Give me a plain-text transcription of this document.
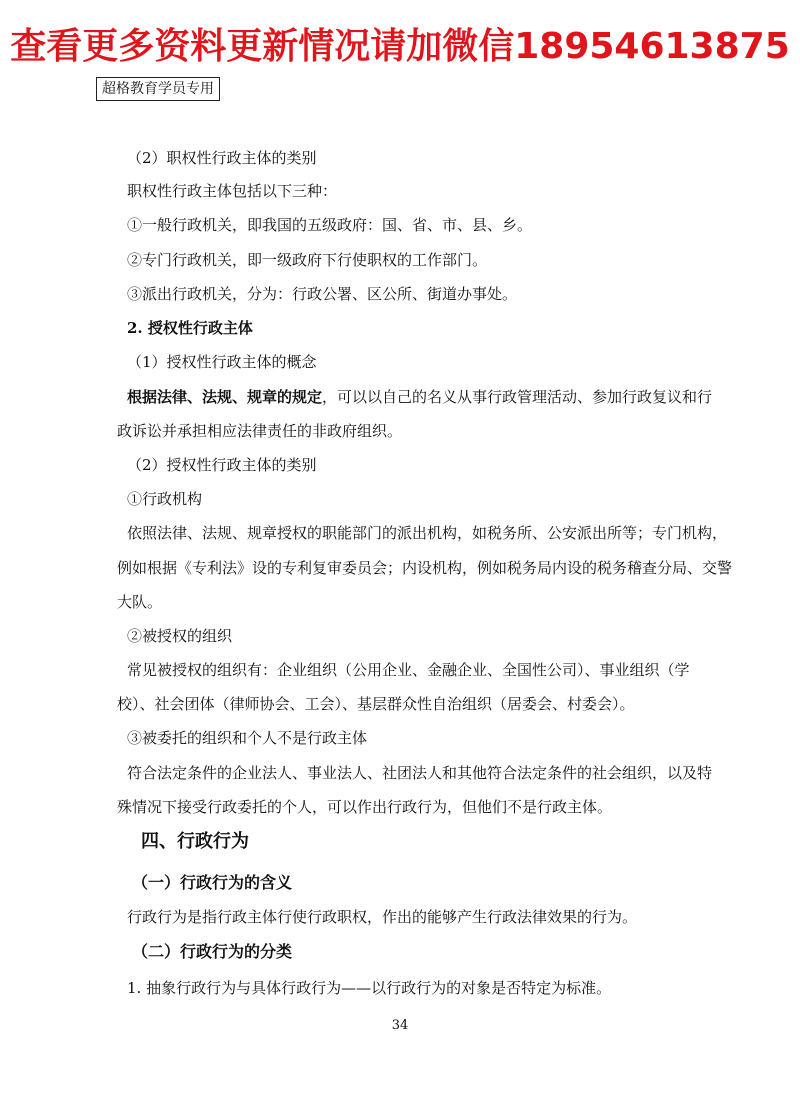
查看更多资料更新情况请加微信18954613875
超格教育学员专用
（2）职权性行政主体的类别
职权性行政主体包括以下三种：
①一般行政机关，即我国的五级政府：国、省、市、县、乡。
②专门行政机关，即一级政府下行使职权的工作部门。
③派出行政机关，分为：行政公署、区公所、街道办事处。
2. 授权性行政主体
（1）授权性行政主体的概念
根据法律、法规、规章的规定，可以以自己的名义从事行政管理活动、参加行政复议和行
政诉讼并承担相应法律责任的非政府组织。
（2）授权性行政主体的类别
①行政机构
依照法律、法规、规章授权的职能部门的派出机构，如税务所、公安派出所等；专门机构，
例如根据《专利法》设的专利复审委员会；内设机构，例如税务局内设的税务稽查分局、交警
大队。
②被授权的组织
常见被授权的组织有：企业组织（公用企业、金融企业、全国性公司）、事业组织（学
校）、社会团体（律师协会、工会）、基层群众性自治组织（居委会、村委会）。
③被委托的组织和个人不是行政主体
符合法定条件的企业法人、事业法人、社团法人和其他符合法定条件的社会组织，以及特
殊情况下接受行政委托的个人，可以作出行政行为，但他们不是行政主体。
四、行政行为
（一）行政行为的含义
行政行为是指行政主体行使行政职权，作出的能够产生行政法律效果的行为。
（二）行政行为的分类
1. 抽象行政行为与具体行政行为——以行政行为的对象是否特定为标准。
34
